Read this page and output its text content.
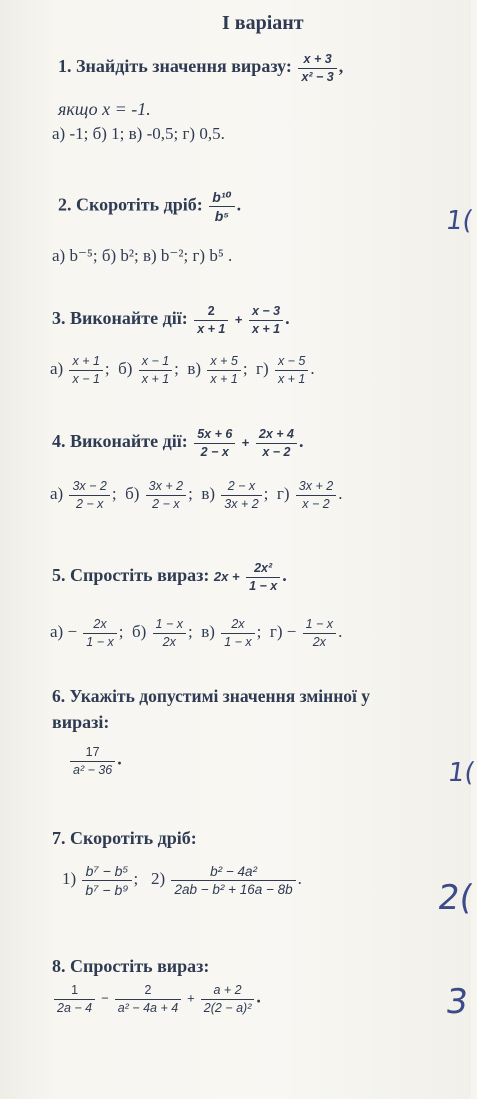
I варіант
1. Знайдіть значення виразу: $\frac{x + 3}{\text{x² − 3}}$ ,
якщо x = -1.
а) -1; б) 1; в) -0,5; г) 0,5.
2. Скоротіть дріб: $\frac{\text{b¹⁰}}{\text{b⁵}}$ .
а) b⁻⁵; б) b²; в) b⁻²; г) b⁵ .
3. Виконайте дії: $\frac{2}{x + 1} + \frac{x - 3}{x + 1}$ .
$а) \frac{x + 1}{x - 1}$ ; $б) \frac{x - 1}{x + 1}$ ; $в) \frac{x + 5}{x + 1}$ ; $г) \frac{x - 5}{x + 1}$ .
4. Виконайте дії: $\frac{5x + 6}{2 - x} + \frac{2x + 4}{x - 2}$ .
$а) \frac{3x - 2}{2 - x}$ ; $б) \frac{3x + 2}{2 - x}$ ; $в) \frac{2 - x}{3x + 2}$ ; $г) \frac{3x + 2}{x - 2}$ .
5. Спростіть вираз: $2x + \frac{\text{2x²}}{1 - x}$ .
$а) - \frac{2x}{1 - x}$ ; $б) \frac{1 - x}{2x}$ ; $в) \frac{2x}{1 - x}$ ; $г) - \frac{1 - x}{2x}$ .
6. Укажіть допустимі значення змінної у
виразі:
$\frac{17}{\text{a² − 36}}$ .
7. Скоротіть дріб:
$1) \frac{\text{b⁷ − b⁵}}{\text{b⁷ − b⁹}}$ ; $2) \frac{\text{b² − 4a²}}{\text{2ab − b² + 16a − 8b}}$ .
8. Спростіть вираз:
$\frac{1}{2a - 4} - \frac{2}{\text{a² − 4a + 4}} + \frac{a + 2}{\text{2(2 − a)²}}$ .
1(
1(
2(
3
